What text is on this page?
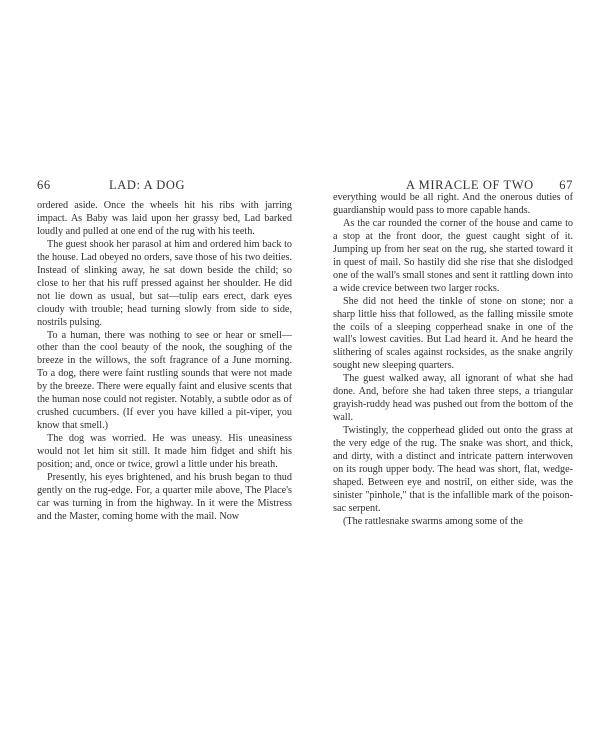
66	LAD: A DOG

ordered aside. Once the wheels hit his ribs with jarring impact. As Baby was laid upon her grassy bed, Lad barked loudly and pulled at one end of the rug with his teeth.

The guest shook her parasol at him and ordered him back to the house. Lad obeyed no orders, save those of his two deities. Instead of slinking away, he sat down beside the child; so close to her that his ruff pressed against her shoulder. He did not lie down as usual, but sat—tulip ears erect, dark eyes cloudy with trouble; head turning slowly from side to side, nostrils pulsing.

To a human, there was nothing to see or hear or smell—other than the cool beauty of the nook, the soughing of the breeze in the willows, the soft fragrance of a June morning. To a dog, there were faint rustling sounds that were not made by the breeze. There were equally faint and elusive scents that the human nose could not register. Notably, a subtle odor as of crushed cucumbers. (If ever you have killed a pit-viper, you know that smell.)

The dog was worried. He was uneasy. His uneasiness would not let him sit still. It made him fidget and shift his position; and, once or twice, growl a little under his breath.

Presently, his eyes brightened, and his brush began to thud gently on the rug-edge. For, a quarter mile above, The Place's car was turning in from the highway. In it were the Mistress and the Master, coming home with the mail. Now

A MIRACLE OF TWO 67

everything would be all right. And the onerous duties of guardianship would pass to more capable hands.

As the car rounded the corner of the house and came to a stop at the front door, the guest caught sight of it. Jumping up from her seat on the rug, she started toward it in quest of mail. So hastily did she rise that she dislodged one of the wall's small stones and sent it rattling down into a wide crevice between two larger rocks.

She did not heed the tinkle of stone on stone; nor a sharp little hiss that followed, as the falling missile smote the coils of a sleeping copperhead snake in one of the wall's lowest cavities. But Lad heard it. And he heard the slithering of scales against rocksides, as the snake angrily sought new sleeping quarters.

The guest walked away, all ignorant of what she had done. And, before she had taken three steps, a triangular grayish-ruddy head was pushed out from the bottom of the wall.

Twistingly, the copperhead glided out onto the grass at the very edge of the rug. The snake was short, and thick, and dirty, with a distinct and intricate pattern interwoven on its rough upper body. The head was short, flat, wedge-shaped. Between eye and nostril, on either side, was the sinister "pinhole," that is the infallible mark of the poison-sac serpent.

(The rattlesnake swarms among some of the
